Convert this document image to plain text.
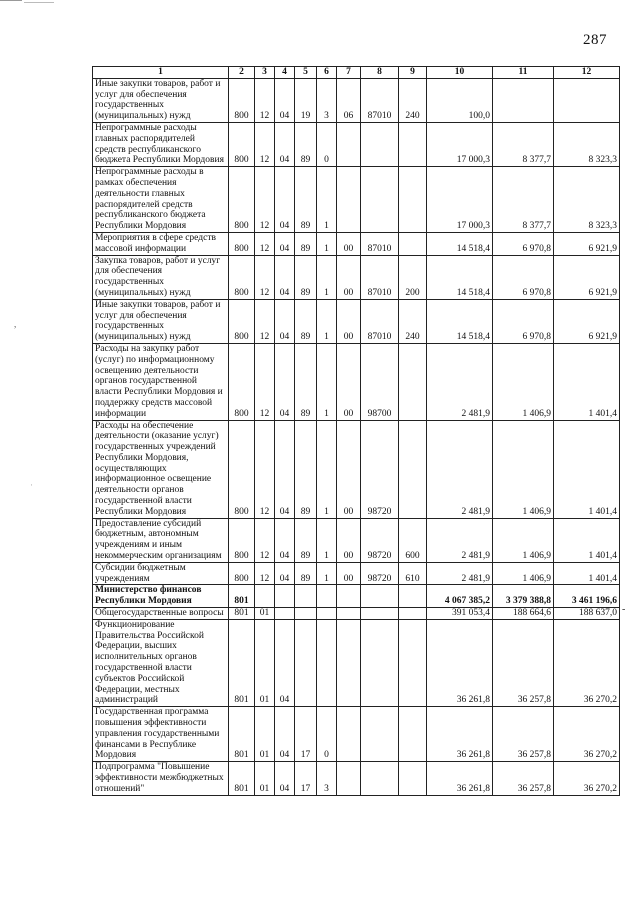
287
,
·
-
1	2	3	4	5	6	7	8	9	10	11	12
Иные закупки товаров, работ и услуг для обеспечения государственных (муниципальных) нужд	800	12	04	19	3	06	87010	240	100,0		
Непрограммные расходы главных распорядителей средств республиканского бюджета Республики Мордовия	800	12	04	89	0				17 000,3	8 377,7	8 323,3
Непрограммные расходы в рамках обеспечения деятельности главных распорядителей средств республиканского бюджета Республики Мордовия	800	12	04	89	1				17 000,3	8 377,7	8 323,3
Мероприятия в сфере средств массовой информации	800	12	04	89	1	00	87010		14 518,4	6 970,8	6 921,9
Закупка товаров, работ и услуг для обеспечения государственных (муниципальных) нужд	800	12	04	89	1	00	87010	200	14 518,4	6 970,8	6 921,9
Иные закупки товаров, работ и услуг для обеспечения государственных (муниципальных) нужд	800	12	04	89	1	00	87010	240	14 518,4	6 970,8	6 921,9
Расходы на закупку работ (услуг) по информационному освещению деятельности органов государственной власти Республики Мордовия и поддержку средств массовой информации	800	12	04	89	1	00	98700		2 481,9	1 406,9	1 401,4
Расходы на обеспечение деятельности (оказание услуг) государственных учреждений Республики Мордовия, осуществляющих информационное освещение деятельности органов государственной власти Республики Мордовия	800	12	04	89	1	00	98720		2 481,9	1 406,9	1 401,4
Предоставление субсидий бюджетным, автономным учреждениям и иным некоммерческим организациям	800	12	04	89	1	00	98720	600	2 481,9	1 406,9	1 401,4
Субсидии бюджетным учреждениям	800	12	04	89	1	00	98720	610	2 481,9	1 406,9	1 401,4
Министерство финансов Республики Мордовия	801								4 067 385,2	3 379 388,8	3 461 196,6
Общегосударственные вопросы	801	01							391 053,4	188 664,6	188 637,0
Функционирование Правительства Российской Федерации, высших исполнительных органов государственной власти субъектов Российской Федерации, местных администраций	801	01	04						36 261,8	36 257,8	36 270,2
Государственная программа повышения эффективности управления государственными финансами в Республике Мордовия	801	01	04	17	0				36 261,8	36 257,8	36 270,2
Подпрограмма "Повышение эффективности межбюджетных отношений"	801	01	04	17	3				36 261,8	36 257,8	36 270,2
